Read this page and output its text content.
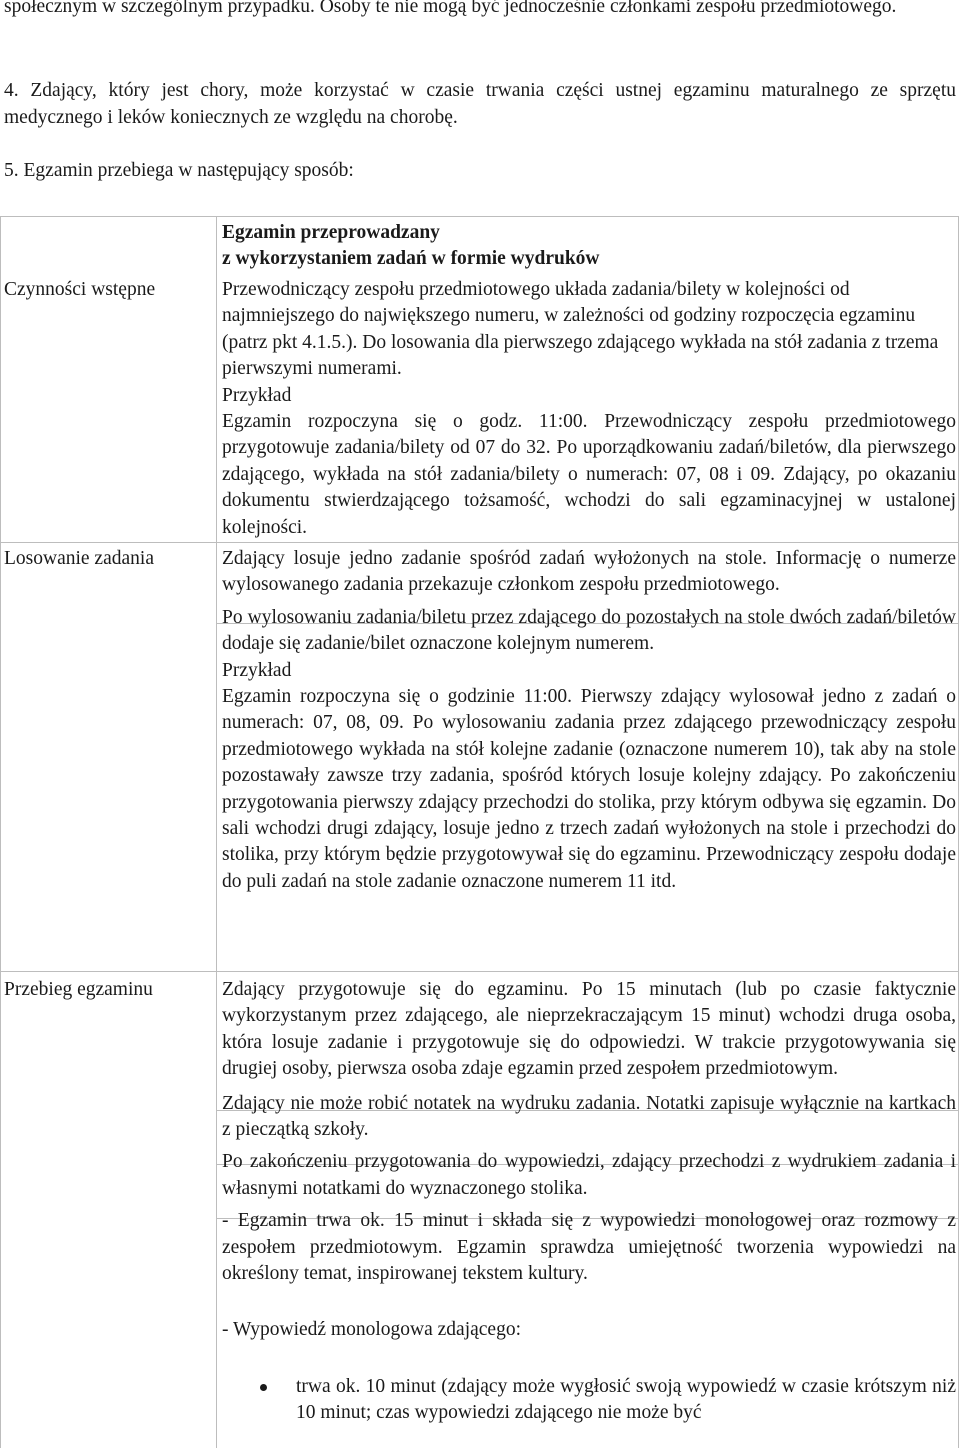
społecznym w szczególnym przypadku. Osoby te nie mogą być jednocześnie członkami zespołu przedmiotowego.

4. Zdający, który jest chory, może korzystać w czasie trwania części ustnej egzaminu maturalnego ze sprzętu medycznego i leków koniecznych ze względu na chorobę.

5. Egzamin przebiega w następujący sposób:

Egzamin przeprowadzany

z wykorzystaniem zadań w formie wydruków

Czynności wstępne	Przewodniczący zespołu przedmiotowego układa zadania/bilety w kolejności od najmniejszego do największego numeru, w zależności od godziny rozpoczęcia egzaminu (patrz pkt 4.1.5.). Do losowania dla pierwszego zdającego wykłada na stół zadania z trzema pierwszymi numerami.

Przykład

Egzamin rozpoczyna się o godz. 11:00. Przewodniczący zespołu przedmiotowego przygotowuje zadania/bilety od 07 do 32. Po uporządkowaniu zadań/biletów, dla pierwszego zdającego, wykłada na stół zadania/bilety o numerach: 07, 08 i 09. Zdający, po okazaniu dokumentu stwierdzającego tożsamość, wchodzi do sali egzaminacyjnej w ustalonej kolejności.

Losowanie zadania	Zdający losuje jedno zadanie spośród zadań wyłożonych na stole. Informację o numerze wylosowanego zadania przekazuje członkom zespołu przedmiotowego.

Po wylosowaniu zadania/biletu przez zdającego do pozostałych na stole dwóch zadań/biletów dodaje się zadanie/bilet oznaczone kolejnym numerem.

Przykład

Egzamin rozpoczyna się o godzinie 11:00. Pierwszy zdający wylosował jedno z zadań o numerach: 07, 08, 09. Po wylosowaniu zadania przez zdającego przewodniczący zespołu przedmiotowego wykłada na stół kolejne zadanie (oznaczone numerem 10), tak aby na stole pozostawały zawsze trzy zadania, spośród których losuje kolejny zdający. Po zakończeniu przygotowania pierwszy zdający przechodzi do stolika, przy którym odbywa się egzamin. Do sali wchodzi drugi zdający, losuje jedno z trzech zadań wyłożonych na stole i przechodzi do stolika, przy którym będzie przygotowywał się do egzaminu. Przewodniczący zespołu dodaje do puli zadań na stole zadanie oznaczone numerem 11 itd.

Przebieg egzaminu	Zdający przygotowuje się do egzaminu. Po 15 minutach (lub po czasie faktycznie wykorzystanym przez zdającego, ale nieprzekraczającym 15 minut) wchodzi druga osoba, która losuje zadanie i przygotowuje się do odpowiedzi. W trakcie przygotowywania się drugiej osoby, pierwsza osoba zdaje egzamin przed zespołem przedmiotowym.

Zdający nie może robić notatek na wydruku zadania. Notatki zapisuje wyłącznie na kartkach z pieczątką szkoły.

Po zakończeniu przygotowania do wypowiedzi, zdający przechodzi z wydrukiem zadania i własnymi notatkami do wyznaczonego stolika.

- Egzamin trwa ok. 15 minut i składa się z wypowiedzi monologowej oraz rozmowy z zespołem przedmiotowym. Egzamin sprawdza umiejętność tworzenia wypowiedzi na określony temat, inspirowanej tekstem kultury.

- Wypowiedź monologowa zdającego:

trwa ok. 10 minut (zdający może wygłosić swoją wypowiedź w czasie krótszym niż 10 minut; czas wypowiedzi zdającego nie może być
